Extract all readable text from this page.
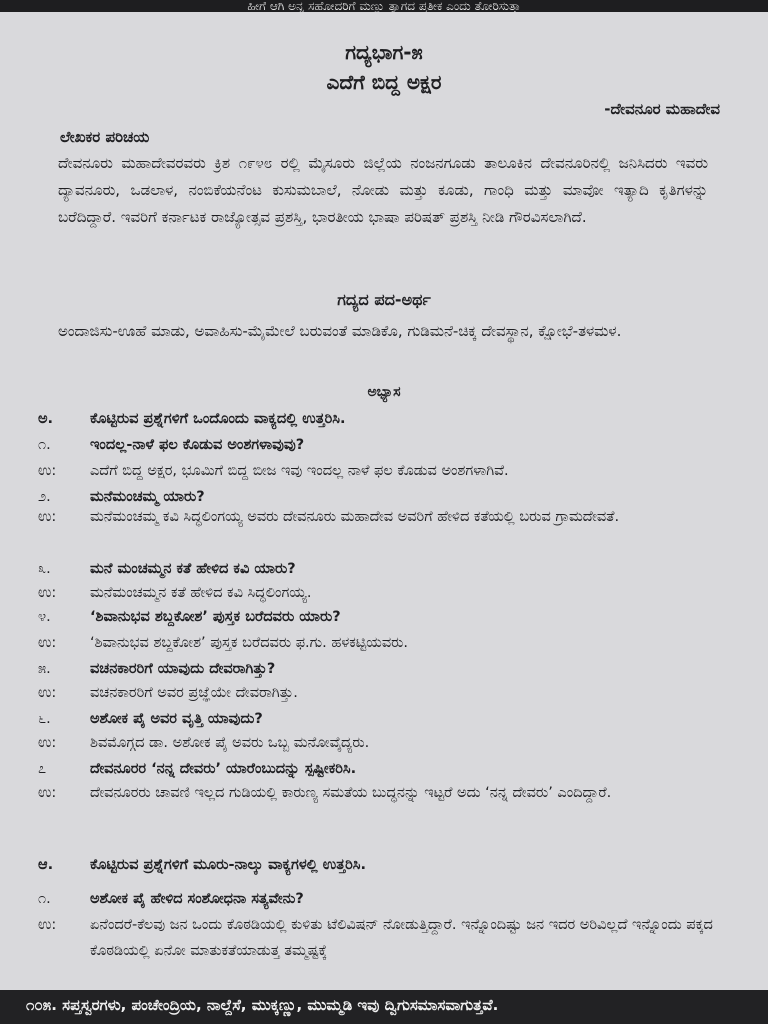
ಹೀಗೆ ಆಗಿ ಅನ್ನ ಸಹೋದರಿಗೆ ಮಣ್ಣು ತ್ಯಾಗದ ಪ್ರತೀಕ ಎಂದು ತೋರಿಸುತ್ತಾ
ಗದ್ಯಭಾಗ-೫
ಎದೆಗೆ ಬಿದ್ದ ಅಕ್ಷರ
-ದೇವನೂರ ಮಹಾದೇವ
ಲೇಖಕರ ಪರಿಚಯ
ದೇವನೂರು ಮಹಾದೇವರವರು ಕ್ರಿಶ ೧೯೪೮ ರಲ್ಲಿ ಮೈಸೂರು ಜಿಲ್ಲೆಯ ನಂಜನಗೂಡು ತಾಲೂಕಿನ ದೇವನೂರಿನಲ್ಲಿ ಜನಿಸಿದರು ಇವರು ದ್ಯಾವನೂರು, ಒಡಲಾಳ, ನಂಬಿಕೆಯನೆಂಟ ಕುಸುಮಬಾಲೆ, ನೋಡು ಮತ್ತು ಕೂಡು, ಗಾಂಧಿ ಮತ್ತು ಮಾವೋ ಇತ್ಯಾದಿ ಕೃತಿಗಳನ್ನು ಬರೆದಿದ್ದಾರೆ. ಇವರಿಗೆ ಕರ್ನಾಟಕ ರಾಜ್ಯೋತ್ಸವ ಪ್ರಶಸ್ತಿ, ಭಾರತೀಯ ಭಾಷಾ ಪರಿಷತ್ ಪ್ರಶಸ್ತಿ ನೀಡಿ ಗೌರವಿಸಲಾಗಿದೆ.
ಗದ್ಯದ ಪದ-ಅರ್ಥ
ಅಂದಾಜಿಸು-ಊಹೆ ಮಾಡು, ಅವಾಹಿಸು-ಮೈಮೇಲೆ ಬರುವಂತೆ ಮಾಡಿಕೊ, ಗುಡಿಮನೆ-ಚಿಕ್ಕ ದೇವಸ್ಥಾನ, ಕ್ಷೋಭೆ-ತಳಮಳ.
ಅಭ್ಯಾಸ
ಅ.	ಕೊಟ್ಟಿರುವ ಪ್ರಶ್ನೆಗಳಿಗೆ ಒಂದೊಂದು ವಾಕ್ಯದಲ್ಲಿ ಉತ್ತರಿಸಿ.
೧.	ಇಂದಲ್ಲ-ನಾಳೆ ಫಲ ಕೊಡುವ ಅಂಶಗಳಾವುವು?
ಉ:	ಎದೆಗೆ ಬಿದ್ದ ಅಕ್ಷರ, ಭೂಮಿಗೆ ಬಿದ್ದ ಬೀಜ ಇವು ಇಂದಲ್ಲ ನಾಳೆ ಫಲ ಕೊಡುವ ಅಂಶಗಳಾಗಿವೆ.
೨.	ಮನೆಮಂಚಮ್ಮ ಯಾರು?
ಉ:	ಮನೆಮಂಚಮ್ಮ ಕವಿ ಸಿದ್ಧಲಿಂಗಯ್ಯ ಅವರು ದೇವನೂರು ಮಹಾದೇವ ಅವರಿಗೆ ಹೇಳಿದ ಕತೆಯಲ್ಲಿ ಬರುವ ಗ್ರಾಮದೇವತೆ.
೩.	ಮನೆ ಮಂಚಮ್ಮನ ಕತೆ ಹೇಳಿದ ಕವಿ ಯಾರು?
ಉ:	ಮನೆಮಂಚಮ್ಮನ ಕತೆ ಹೇಳಿದ ಕವಿ ಸಿದ್ಧಲಿಂಗಯ್ಯ.
೪.	‘ಶಿವಾನುಭವ ಶಬ್ದಕೋಶ’ ಪುಸ್ತಕ ಬರೆದವರು ಯಾರು?
ಉ:	‘ಶಿವಾನುಭವ ಶಬ್ದಕೋಶ’ ಪುಸ್ತಕ ಬರೆದವರು ಫ.ಗು. ಹಳಕಟ್ಟಿಯವರು.
೫.	ವಚನಕಾರರಿಗೆ ಯಾವುದು ದೇವರಾಗಿತ್ತು?
ಉ:	ವಚನಕಾರರಿಗೆ ಅವರ ಪ್ರಜ್ಞೆಯೇ ದೇವರಾಗಿತ್ತು.
೬.	ಅಶೋಕ ಪೈ ಅವರ ವೃತ್ತಿ ಯಾವುದು?
ಉ:	ಶಿವಮೊಗ್ಗದ ಡಾ. ಅಶೋಕ ಪೈ ಅವರು ಒಬ್ಬ ಮನೋವೈದ್ಯರು.
೭	ದೇವನೂರರ ‘ನನ್ನ ದೇವರು’ ಯಾರೆಂಬುದನ್ನು ಸ್ಪಷ್ಟೀಕರಿಸಿ.
ಉ:	ದೇವನೂರರು ಚಾವಣಿ ಇಲ್ಲದ ಗುಡಿಯಲ್ಲಿ ಕಾರುಣ್ಯ ಸಮತೆಯ ಬುದ್ಧನನ್ನು ಇಟ್ಟರೆ ಅದು ‘ನನ್ನ ದೇವರು’ ಎಂದಿದ್ದಾರೆ.
ಆ.	ಕೊಟ್ಟಿರುವ ಪ್ರಶ್ನೆಗಳಿಗೆ ಮೂರು-ನಾಲ್ಕು ವಾಕ್ಯಗಳಲ್ಲಿ ಉತ್ತರಿಸಿ.
೧.	ಅಶೋಕ ಪೈ ಹೇಳಿದ ಸಂಶೋಧನಾ ಸತ್ಯವೇನು?
ಉ:	ಏನೆಂದರೆ-ಕೆಲವು ಜನ ಒಂದು ಕೊಠಡಿಯಲ್ಲಿ ಕುಳಿತು ಟೆಲಿವಿಷನ್ ನೋಡುತ್ತಿದ್ದಾರೆ. ಇನ್ನೊಂದಿಷ್ಟು ಜನ ಇದರ ಅರಿವಿಲ್ಲದೆ ಇನ್ನೊಂದು ಪಕ್ಕದ ಕೊಠಡಿಯಲ್ಲಿ ಏನೋ ಮಾತುಕತೆಯಾಡುತ್ತ ತಮ್ಮಷ್ಟಕ್ಕೆ
೧೦೫. ಸಪ್ತಸ್ವರಗಳು, ಪಂಚೇಂದ್ರಿಯ, ನಾಲ್ದೆಸೆ, ಮುಕ್ಕಣ್ಣು, ಮುಮ್ಮಡಿ ಇವು ದ್ವಿಗುಸಮಾಸವಾಗುತ್ತವೆ.
